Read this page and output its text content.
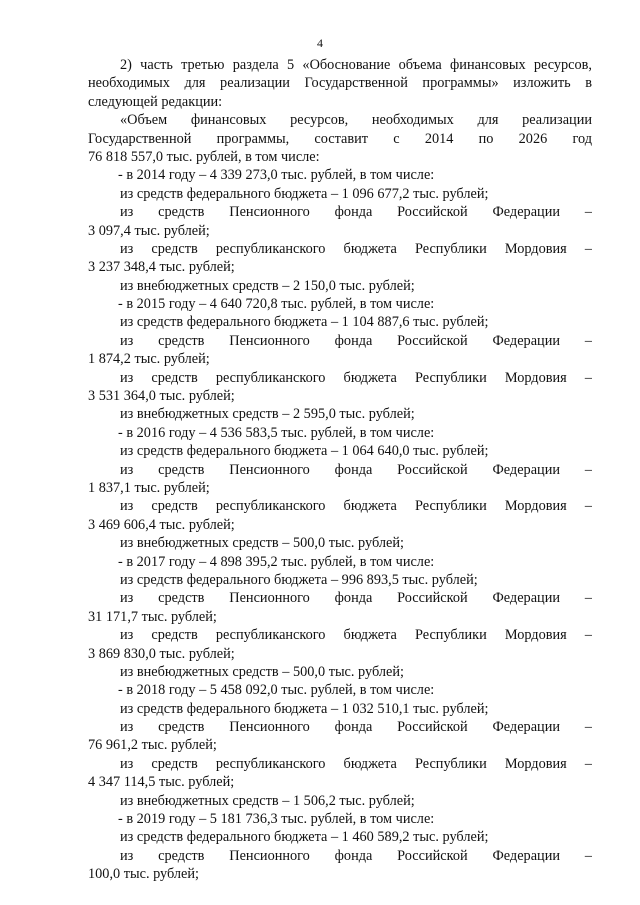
4
2) часть третью раздела 5 «Обоснование объема финансовых ресурсов,
необходимых для реализации Государственной программы» изложить в
следующей редакции:
«Объем финансовых ресурсов, необходимых для реализации
Государственной программы, составит с 2014 по 2026 год
76 818 557,0 тыс. рублей, в том числе:
- в 2014 году – 4 339 273,0 тыс. рублей, в том числе:
из средств федерального бюджета – 1 096 677,2 тыс. рублей;
из средств Пенсионного фонда Российской Федерации –
3 097,4 тыс. рублей;
из средств республиканского бюджета Республики Мордовия –
3 237 348,4 тыс. рублей;
из внебюджетных средств – 2 150,0 тыс. рублей;
- в 2015 году – 4 640 720,8 тыс. рублей, в том числе:
из средств федерального бюджета – 1 104 887,6 тыс. рублей;
из средств Пенсионного фонда Российской Федерации –
1 874,2 тыс. рублей;
из средств республиканского бюджета Республики Мордовия –
3 531 364,0 тыс. рублей;
из внебюджетных средств – 2 595,0 тыс. рублей;
- в 2016 году – 4 536 583,5 тыс. рублей, в том числе:
из средств федерального бюджета – 1 064 640,0 тыс. рублей;
из средств Пенсионного фонда Российской Федерации –
1 837,1 тыс. рублей;
из средств республиканского бюджета Республики Мордовия –
3 469 606,4 тыс. рублей;
из внебюджетных средств – 500,0 тыс. рублей;
- в 2017 году – 4 898 395,2 тыс. рублей, в том числе:
из средств федерального бюджета – 996 893,5 тыс. рублей;
из средств Пенсионного фонда Российской Федерации –
31 171,7 тыс. рублей;
из средств республиканского бюджета Республики Мордовия –
3 869 830,0 тыс. рублей;
из внебюджетных средств – 500,0 тыс. рублей;
- в 2018 году – 5 458 092,0 тыс. рублей, в том числе:
из средств федерального бюджета – 1 032 510,1 тыс. рублей;
из средств Пенсионного фонда Российской Федерации –
76 961,2 тыс. рублей;
из средств республиканского бюджета Республики Мордовия –
4 347 114,5 тыс. рублей;
из внебюджетных средств – 1 506,2 тыс. рублей;
- в 2019 году – 5 181 736,3 тыс. рублей, в том числе:
из средств федерального бюджета – 1 460 589,2 тыс. рублей;
из средств Пенсионного фонда Российской Федерации –
100,0 тыс. рублей;
